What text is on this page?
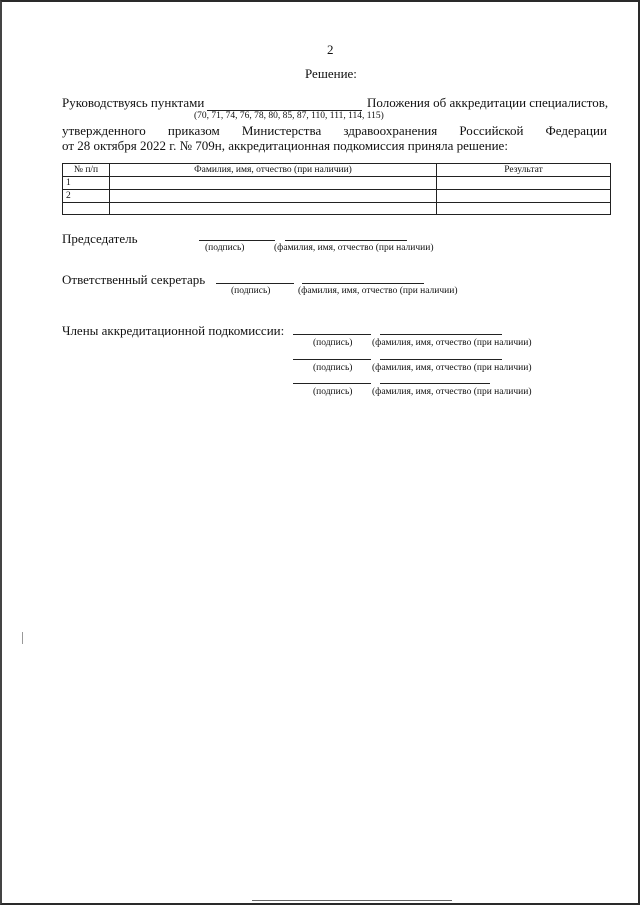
2
Решение:
Руководствуясь пунктами	Положения об аккредитации специалистов,
(70, 71, 74, 76, 78, 80, 85, 87, 110, 111, 114, 115)
утвержденного приказом Министерства здравоохранения Российской Федерации
от 28 октября 2022 г. № 709н, аккредитационная подкомиссия приняла решение:
№ п/п	Фамилия, имя, отчество (при наличии)	Результат
1		
2		

Председатель
(подпись)	(фамилия, имя, отчество (при наличии)
Ответственный секретарь
(подпись)	(фамилия, имя, отчество (при наличии)
Члены аккредитационной подкомиссии:
(подпись) (фамилия, имя, отчество (при наличии)
(подпись) (фамилия, имя, отчество (при наличии)
(подпись) (фамилия, имя, отчество (при наличии)
